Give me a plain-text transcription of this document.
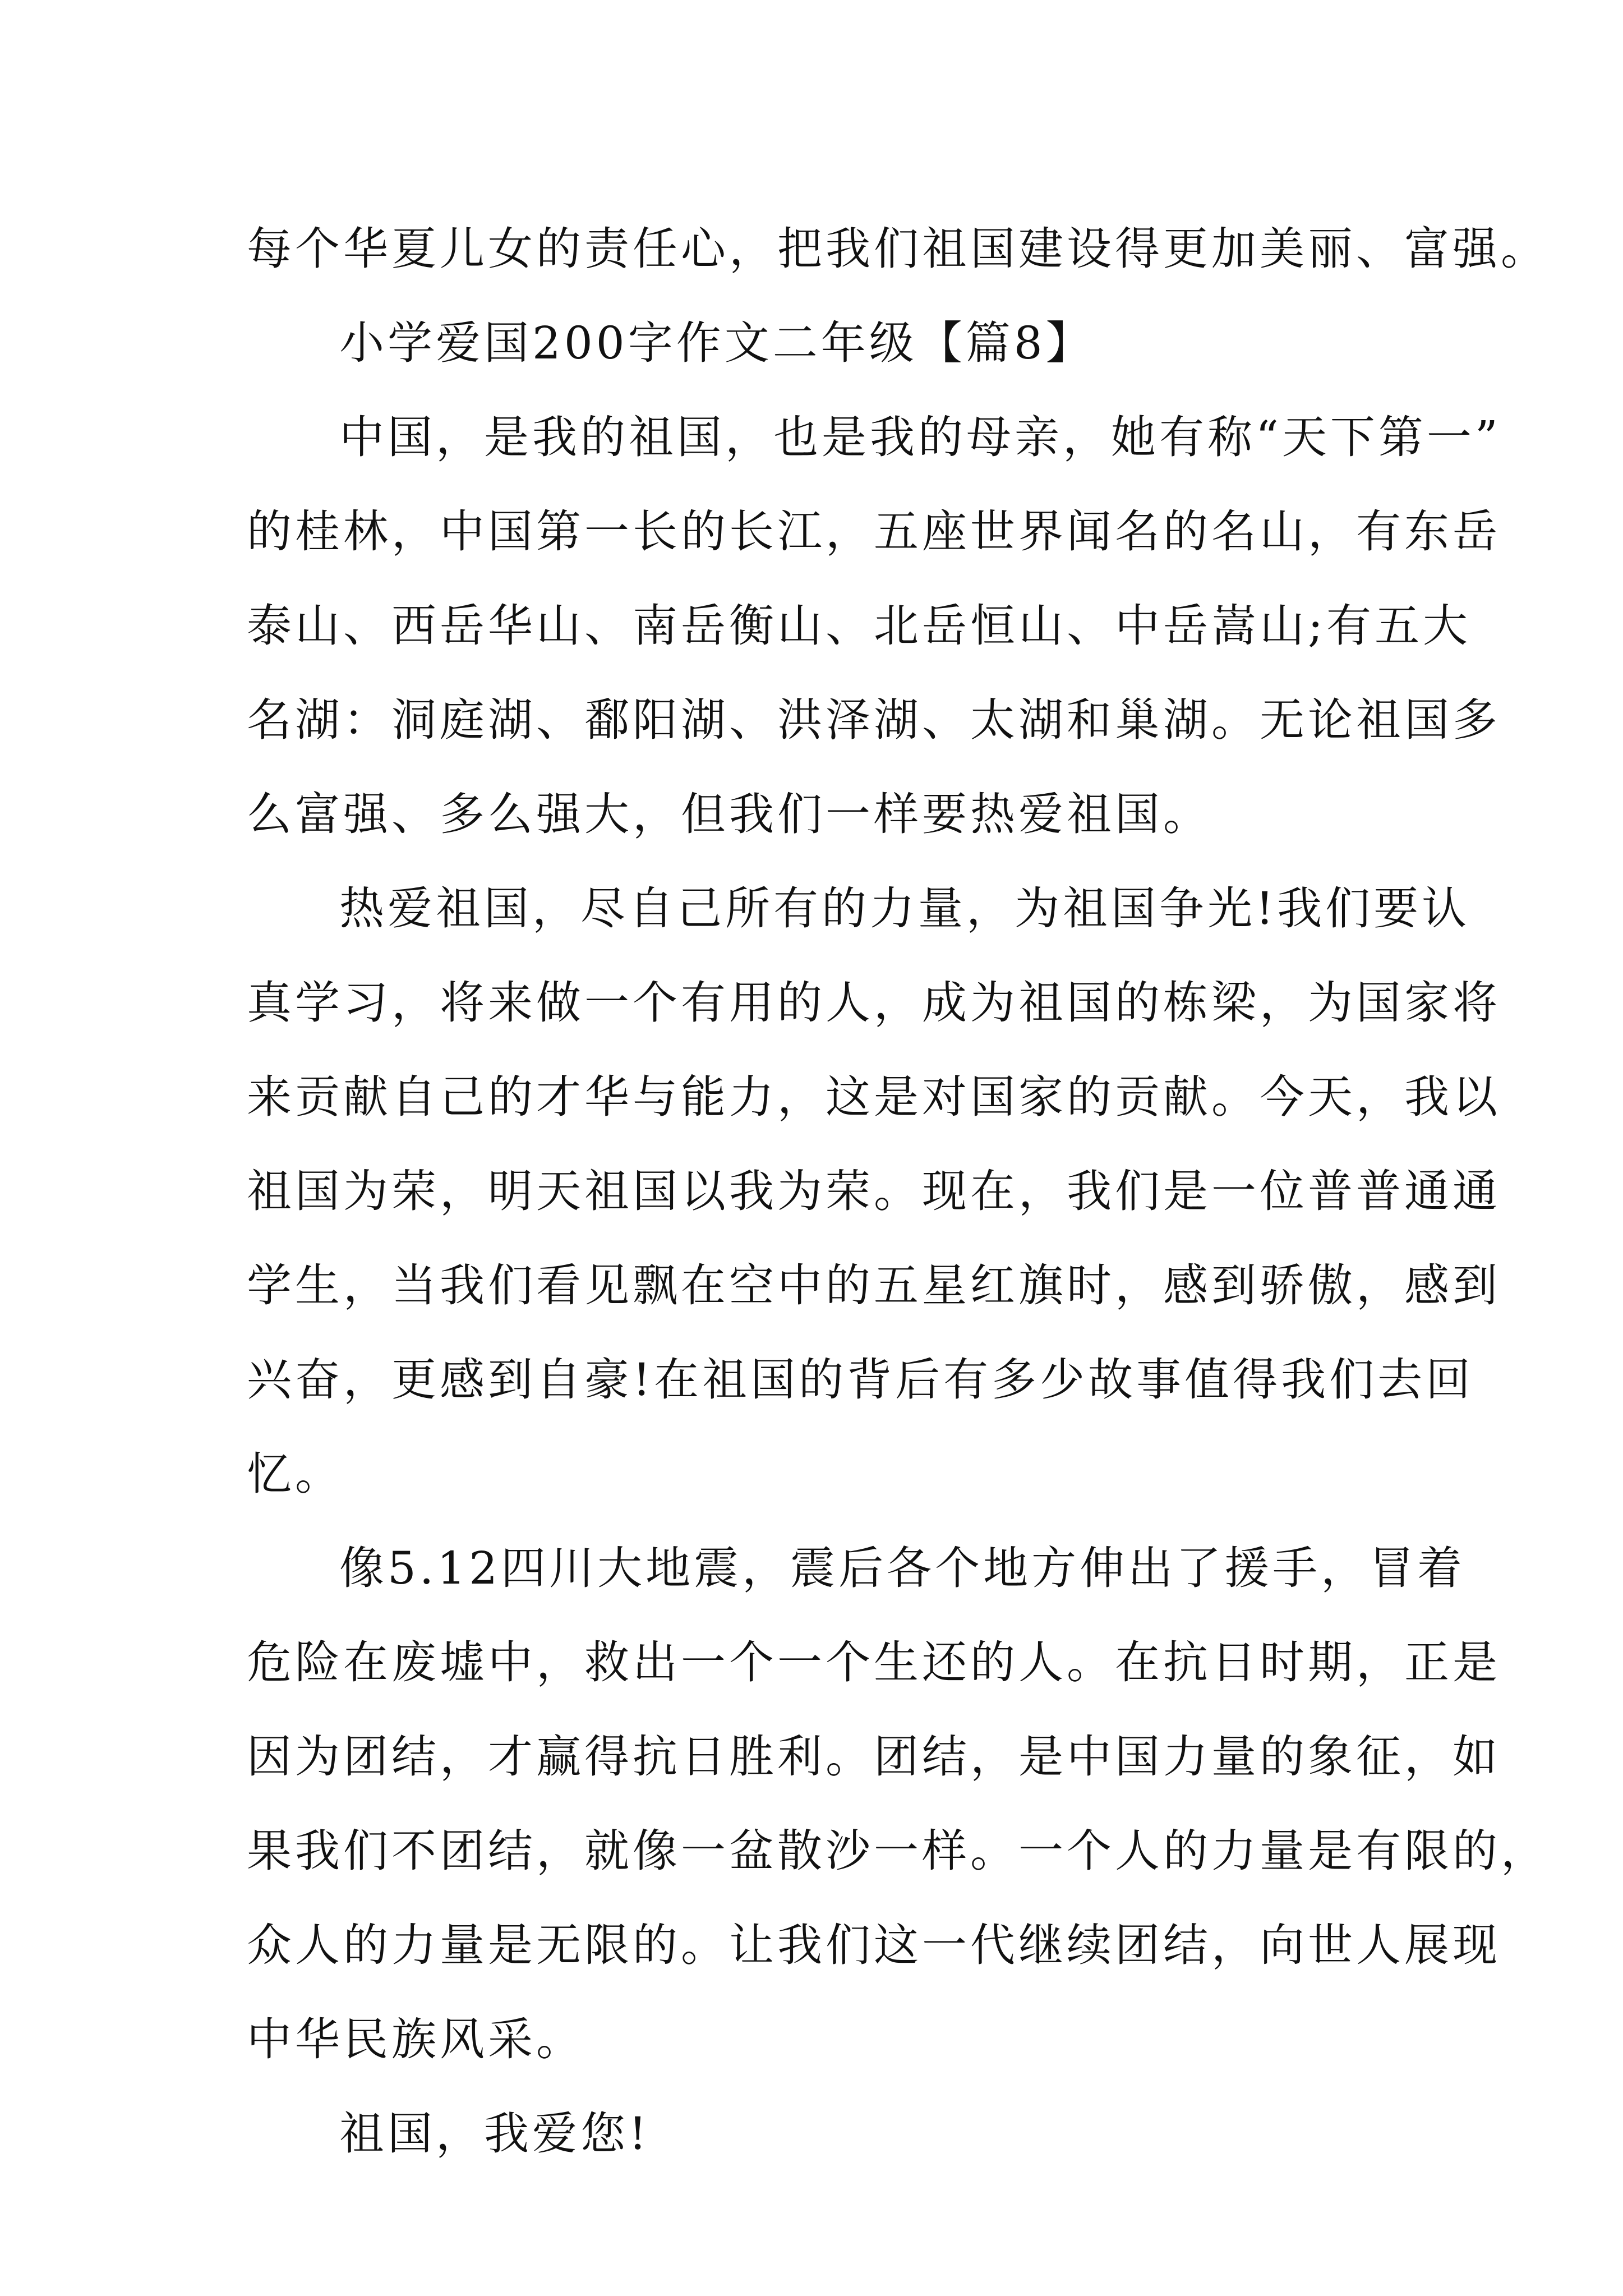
每个华夏儿女的责任心，把我们祖国建设得更加美丽、富强。
小学爱国200字作文二年级【篇8】
中国，是我的祖国，也是我的母亲，她有称“天下第一”
的桂林，中国第一长的长江，五座世界闻名的名山，有东岳
泰山、西岳华山、南岳衡山、北岳恒山、中岳嵩山;有五大
名湖：洞庭湖、鄱阳湖、洪泽湖、太湖和巢湖。无论祖国多
么富强、多么强大，但我们一样要热爱祖国。
热爱祖国，尽自己所有的力量，为祖国争光!我们要认
真学习，将来做一个有用的人，成为祖国的栋梁，为国家将
来贡献自己的才华与能力，这是对国家的贡献。今天，我以
祖国为荣，明天祖国以我为荣。现在，我们是一位普普通通
学生，当我们看见飘在空中的五星红旗时，感到骄傲，感到
兴奋，更感到自豪!在祖国的背后有多少故事值得我们去回
忆。
像5.12四川大地震，震后各个地方伸出了援手，冒着
危险在废墟中，救出一个一个生还的人。在抗日时期，正是
因为团结，才赢得抗日胜利。团结，是中国力量的象征，如
果我们不团结，就像一盆散沙一样。一个人的力量是有限的，
众人的力量是无限的。让我们这一代继续团结，向世人展现
中华民族风采。
祖国，我爱您!
